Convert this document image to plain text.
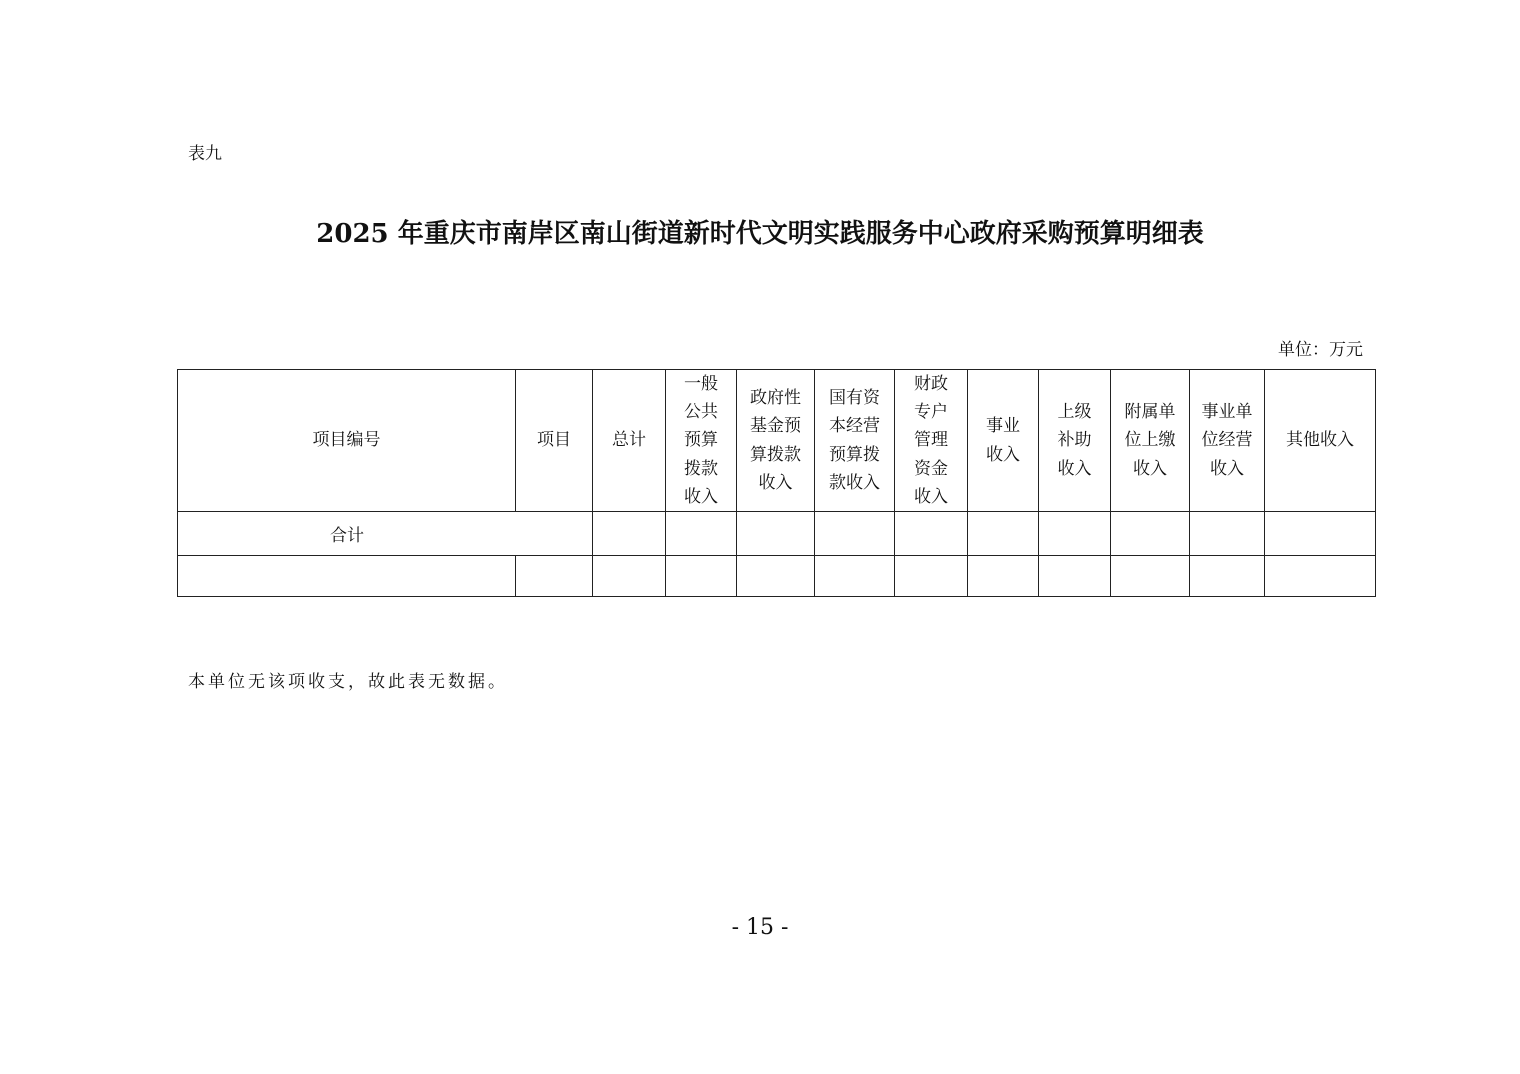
表九
2025 年重庆市南岸区南山街道新时代文明实践服务中心政府采购预算明细表
单位：万元
项目编号	项目	总计	一般
公共
预算
拨款
收入	政府性
基金预
算拨款
收入	国有资
本经营
预算拨
款收入	财政
专户
管理
资金
收入	事业
收入	上级
补助
收入	附属单
位上缴
收入	事业单
位经营
收入	其他收入

合计											

本单位无该项收支，故此表无数据。
- 15 -
